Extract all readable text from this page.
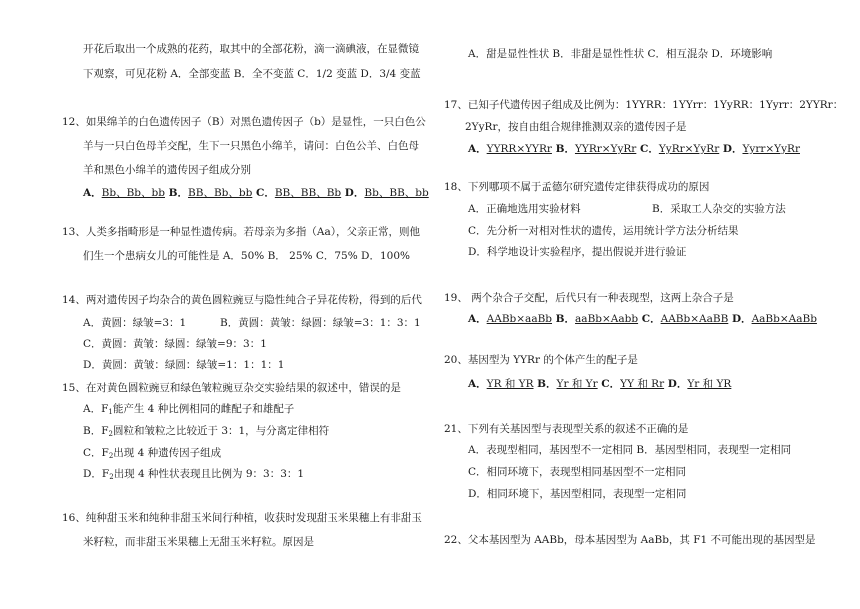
开花后取出一个成熟的花药，取其中的全部花粉，滴一滴碘液，在显微镜
下观察，可见花粉 A．全部变蓝 B．全不变蓝 C．1/2 变蓝 D．3/4 变蓝
12、如果绵羊的白色遗传因子（B）对黑色遗传因子（b）是显性，一只白色公
羊与一只白色母羊交配，生下一只黑色小绵羊，请问：白色公羊、白色母
羊和黑色小绵羊的遗传因子组成分别
A．Bb、Bb、bb B．BB、Bb、bb C．BB、BB、Bb D．Bb、BB、bb
13、人类多指畸形是一种显性遗传病。若母亲为多指（Aa），父亲正常，则他
们生一个患病女儿的可能性是 A．50% B． 25% C．75% D．100%
14、两对遗传因子均杂合的黄色圆粒豌豆与隐性纯合子异花传粉，得到的后代
A．黄圆：绿皱=3：1	B．黄圆：黄皱：绿圆：绿皱=3：1：3：1
C．黄圆：黄皱：绿圆：绿皱=9：3：1
D．黄圆：黄皱：绿圆：绿皱=1：1：1：1
15、在对黄色圆粒豌豆和绿色皱粒豌豆杂交实验结果的叙述中，错误的是
A．$F_1$能产生 4 种比例相同的雌配子和雄配子
B．$F_2$圆粒和皱粒之比较近于 3：1，与分离定律相符
C．$F_2$出现 4 种遗传因子组成
D．$F_2$出现 4 种性状表现且比例为 9：3：3：1
16、纯种甜玉米和纯种非甜玉米间行种植，收获时发现甜玉米果穗上有非甜玉
米籽粒，而非甜玉米果穗上无甜玉米籽粒。原因是
A．甜是显性性状 B．非甜是显性性状 C．相互混杂 D．环境影响
17、已知子代遗传因子组成及比例为：1YYRR：1YYrr：1YyRR：1Yyrr：2YYRr：
2YyRr，按自由组合规律推测双亲的遗传因子是
A．YYRR×YYRr B．YYRr×YyRr C．YyRr×YyRr D．Yyrr×YyRr
18、下列哪项不属于孟德尔研究遗传定律获得成功的原因
A．正确地选用实验材料	B．采取工人杂交的实验方法
C．先分析一对相对性状的遗传，运用统计学方法分析结果
D．科学地设计实验程序，提出假说并进行验证
19、 两个杂合子交配，后代只有一种表现型，这两上杂合子是
A．AABb×aaBb B．aaBb×Aabb C．AABb×AaBB D．AaBb×AaBb
20、基因型为 YYRr 的个体产生的配子是
A．YR 和 YR B．Yr 和 Yr C．YY 和 Rr D．Yr 和 YR
21、下列有关基因型与表现型关系的叙述不正确的是
A．表现型相同，基因型不一定相同 B．基因型相同，表现型一定相同
C．相同环境下，表现型相同基因型不一定相同
D．相同环境下，基因型相同，表现型一定相同
22、父本基因型为 AABb，母本基因型为 AaBb，其 F1 不可能出现的基因型是
